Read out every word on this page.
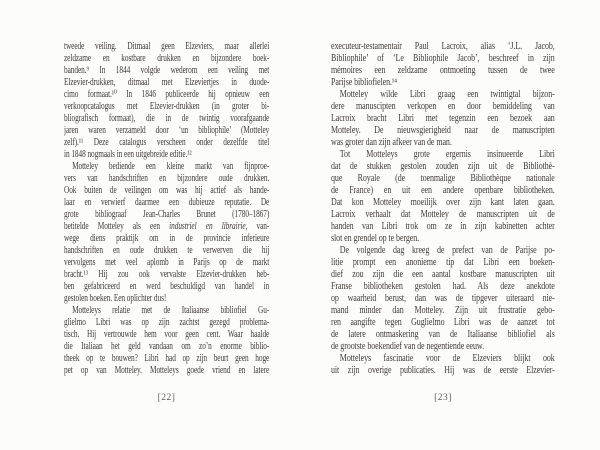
tweede veiling. Ditmaal geen Elzeviers, maar allerlei
zeldzame en kostbare drukken en bijzondere boek-
banden.⁹ In 1844 volgde wederom een veiling met
Elzevier-drukken, ditmaal met Elzeviertjes in duode-
cimo formaat.¹⁰ In 1846 publiceerde hij opnieuw een
verkoopcatalogus met Elzevier-drukken (in groter bi-
bliografisch formaat), die in de twintig voorafgaande
jaren waren verzameld door ‘un bibliophile’ (Motteley
zelf).¹¹ Deze catalogus verscheen onder dezelfde titel
in 1848 nogmaals in een uitgebreide editie.¹²
Motteley bediende een kleine markt van fijnproe-
vers van handschriften en bijzondere oude drukken.
Ook buiten de veilingen om was hij actief als hande-
laar en verwierf daarmee een dubieuze reputatie. De
grote bibliograaf Jean-Charles Brunet (1780–1867)
betitelde Motteley als een industriel en librairie, van-
wege diens praktijk om in de provincie inferieure
handschriften en oude drukken te verwerven die hij
vervolgens met veel aplomb in Parijs op de markt
bracht.¹³ Hij zou ook vervalste Elzevier-drukken heb-
ben gefabriceerd en werd beschuldigd van handel in
gestolen boeken. Een oplichter dus!
Motteleys relatie met de Italiaanse bibliofiel Gu-
glielmo Libri was op zijn zachtst gezegd problema-
tisch. Hij vertrouwde hem voor geen cent. Waar haalde
die Italiaan het geld vandaan om zo’n enorme biblio-
theek op te bouwen? Libri had op zijn beurt geen hoge
pet op van Motteley. Motteleys goede vriend en latere
[22]
executeur-testamentair Paul Lacroix, alias ‘J.L. Jacob,
Bibliophile’ of ‘Le Bibliophile Jacob’, beschreef in zijn
mémoires een zeldzame ontmoeting tussen de twee
Parijse bibliofielen.¹⁴
Motteley wilde Libri graag een twintigtal bijzon-
dere manuscipten verkopen en door bemiddeling van
Lacroix bracht Libri met tegenzin een bezoek aan
Motteley. De nieuwsgierigheid naar de manuscripten
was groter dan zijn afkeer van de man.
Tot Motteleys grote ergernis insinueerde Libri
dat de stukken gestolen zouden zijn uit de Bibliothè-
que Royale (de toenmalige Bibliothèque nationale
de France) en uit een andere openbare bibliotheken.
Dat kon Motteley moeilijk over zijn kant laten gaan.
Lacroix verhaalt dat Motteley de manuscripten uit de
handen van Libri trok om ze in zijn kabinetten achter
slot en grendel op te bergen.
De volgende dag kreeg de prefect van de Parijse po-
litie prompt een anonieme tip dat Libri een boeken-
dief zou zijn die een aantal kostbare manuscripten uit
Franse bibliotheken gestolen had. Als deze anekdote
op waarheid berust, dan was de tipgever uiteraard nie-
mand minder dan Motteley. Zijn uit frustratie gebo-
ren aangifte tegen Guglielmo Libri was de aanzet tot
de latere ontmaskering van de Italiaanse bibliofiel als
de grootste boekendief van de negentiende eeuw.
Motteleys fascinatie voor de Elzeviers blijkt ook
uit zijn overige publicaties. Hij was de eerste Elzevier-
[23]
